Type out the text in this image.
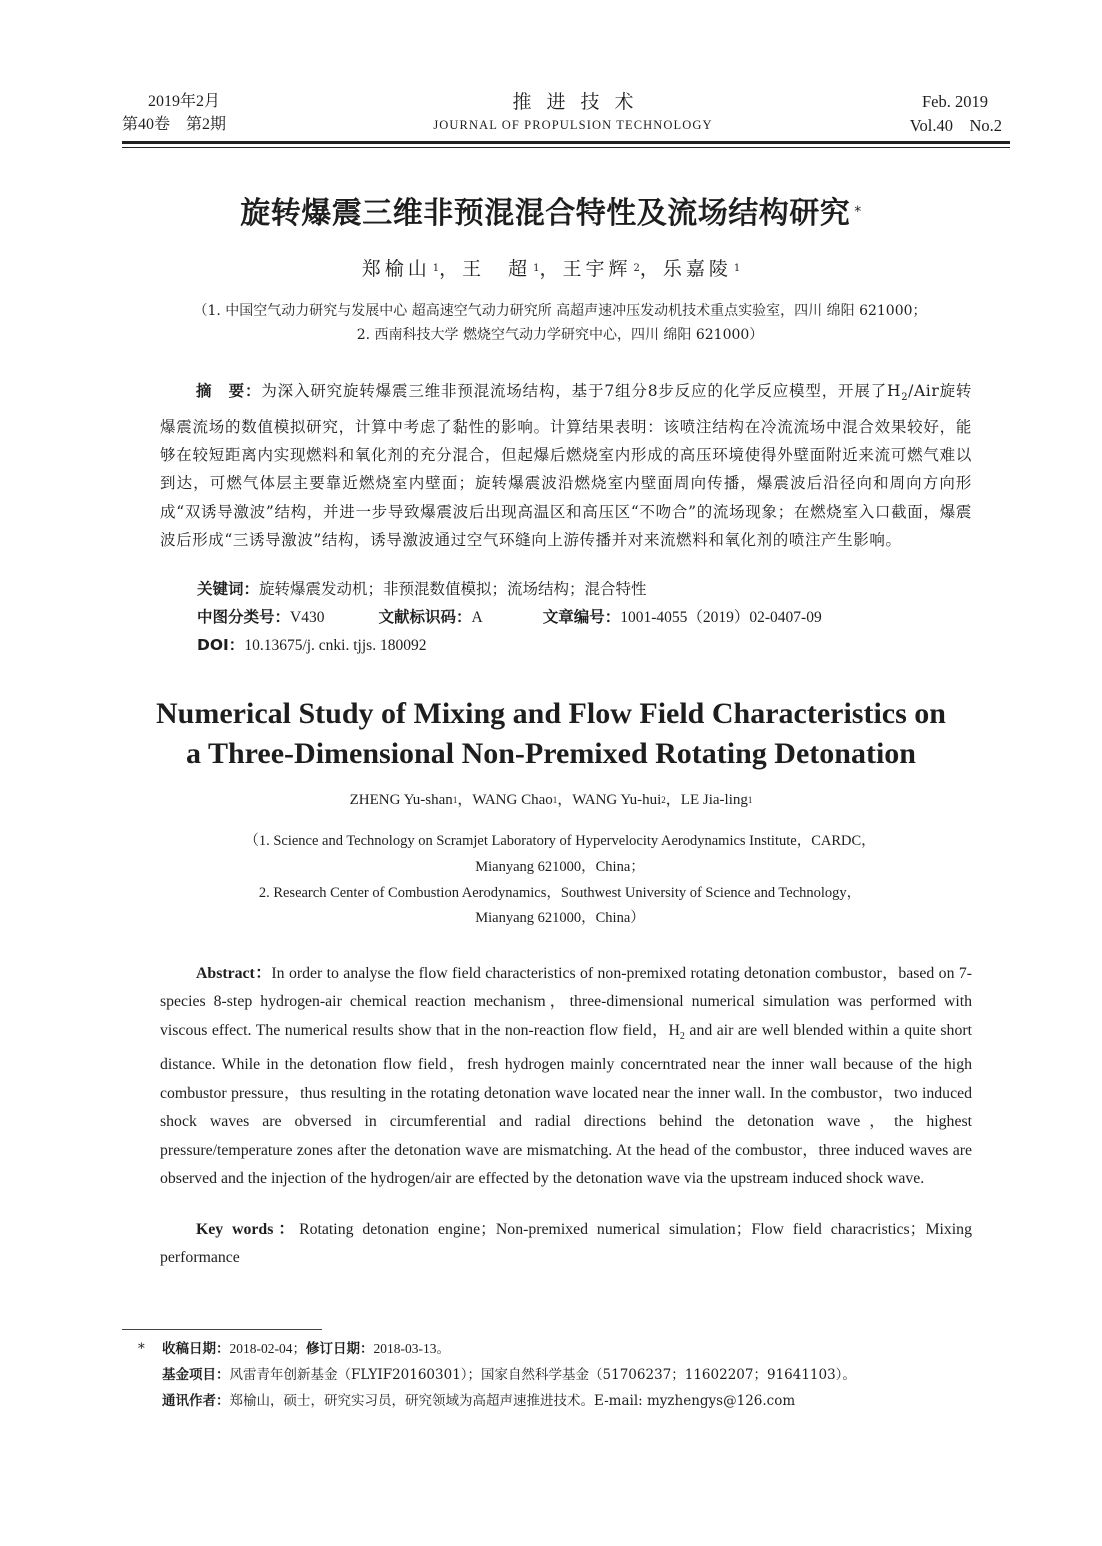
2019年2月
第40卷　第2期
推进技术
JOURNAL OF PROPULSION TECHNOLOGY
Feb. 2019
Vol.40　No.2
旋转爆震三维非预混混合特性及流场结构研究 *
郑榆山 $^1$，王　超 $^1$，王宇辉 $^2$，乐嘉陵 $^1$
（1. 中国空气动力研究与发展中心 超高速空气动力研究所 高超声速冲压发动机技术重点实验室，四川 绵阳 621000；
2. 西南科技大学 燃烧空气动力学研究中心，四川 绵阳 621000）
摘　要：为深入研究旋转爆震三维非预混流场结构，基于7组分8步反应的化学反应模型，开展了$H_2$/Air旋转爆震流场的数值模拟研究，计算中考虑了黏性的影响。计算结果表明：该喷注结构在冷流流场中混合效果较好，能够在较短距离内实现燃料和氧化剂的充分混合，但起爆后燃烧室内形成的高压环境使得外壁面附近来流可燃气难以到达，可燃气体层主要靠近燃烧室内壁面；旋转爆震波沿燃烧室内壁面周向传播，爆震波后沿径向和周向方向形成“双诱导激波”结构，并进一步导致爆震波后出现高温区和高压区“不吻合”的流场现象；在燃烧室入口截面，爆震波后形成“三诱导激波”结构，诱导激波通过空气环缝向上游传播并对来流燃料和氧化剂的喷注产生影响。
关键词：旋转爆震发动机；非预混数值模拟；流场结构；混合特性
中图分类号：V430	文献标识码：A	文章编号：1001-4055（2019）02-0407-09
DOI：10.13675/j. cnki. tjjs. 180092
Numerical Study of Mixing and Flow Field Characteristics on
a Three-Dimensional Non-Premixed Rotating Detonation
ZHENG Yu-shan$^1$，WANG Chao$^1$，WANG Yu-hui$^2$，LE Jia-ling$^1$
（1. Science and Technology on Scramjet Laboratory of Hypervelocity Aerodynamics Institute，CARDC，
Mianyang 621000，China；
2. Research Center of Combustion Aerodynamics，Southwest University of Science and Technology，
Mianyang 621000，China）
Abstract：In order to analyse the flow field characteristics of non-premixed rotating detonation combustor，based on 7-species 8-step hydrogen-air chemical reaction mechanism，three-dimensional numerical simulation was performed with viscous effect. The numerical results show that in the non-reaction flow field，$H_2$ and air are well blended within a quite short distance. While in the detonation flow field，fresh hydrogen mainly concerntrated near the inner wall because of the high combustor pressure，thus resulting in the rotating detonation wave located near the inner wall. In the combustor，two induced shock waves are obversed in circumferential and radial directions behind the detonation wave，the highest pressure/temperature zones after the detonation wave are mismatching. At the head of the combustor，three induced waves are observed and the injection of the hydrogen/air are effected by the detonation wave via the upstream induced shock wave.
Key words：Rotating detonation engine；Non-premixed numerical simulation；Flow field characristics；Mixing performance
* 收稿日期：2018-02-04；修订日期：2018-03-13。
基金项目：风雷青年创新基金（FLYIF20160301）；国家自然科学基金（51706237；11602207；91641103）。
通讯作者：郑榆山，硕士，研究实习员，研究领域为高超声速推进技术。E-mail: myzhengys@126.com
